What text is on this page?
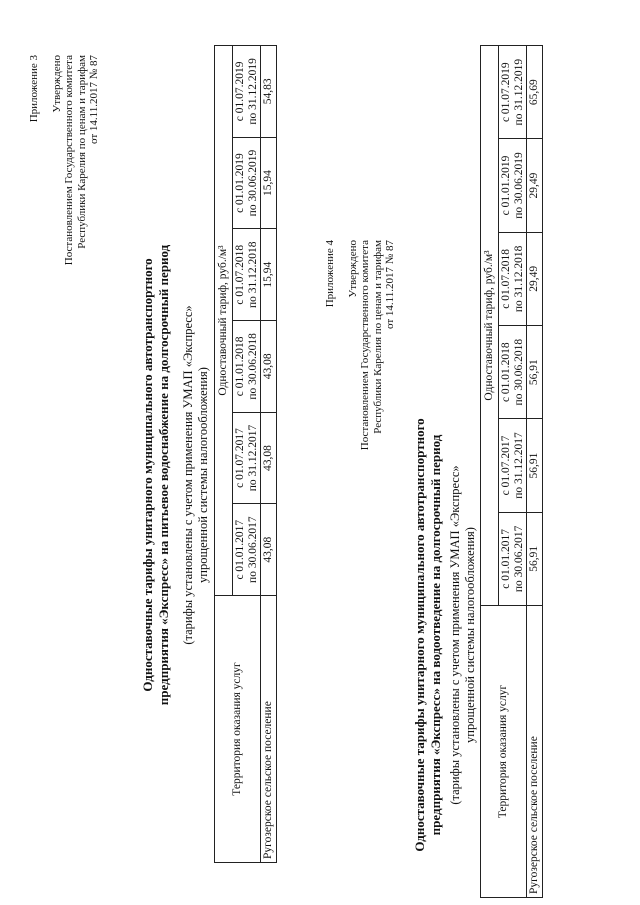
Приложение 3 Утверждено Постановлением Государственного комитета Республики Карелия по ценам и тарифам от 14.11.2017 № 87
Одноставочные тарифы унитарного муниципального автотранспортного предприятия «Экспресс» на питьевое водоснабжение на долгосрочный период (тарифы установлены с учетом применения УМАП «Экспресс» упрощенной системы налогообложения)
Территория оказания услуг	Одноставочный тариф, руб./м³					

	с 01.01.2017 по 30.06.2017	с 01.07.2017 по 31.12.2017	с 01.01.2018 по 30.06.2018	с 01.07.2018 по 31.12.2018	с 01.01.2019 по 30.06.2019	с 01.07.2019 по 31.12.2019

Ругозерское сельское поселение	43,08	43,08	43,08	15,94	15,94	54,83
Приложение 4 Утверждено Постановлением Государственного комитета Республики Карелия по ценам и тарифам от 14.11.2017 № 87
Одноставочные тарифы унитарного муниципального автотранспортного предприятия «Экспресс» на водоотведение на долгосрочный период (тарифы установлены с учетом применения УМАП «Экспресс» упрощенной системы налогообложения)
Территория оказания услуг	Одноставочный тариф, руб./м³					

	с 01.01.2017 по 30.06.2017	с 01.07.2017 по 31.12.2017	с 01.01.2018 по 30.06.2018	с 01.07.2018 по 31.12.2018	с 01.01.2019 по 30.06.2019	с 01.07.2019 по 31.12.2019

Ругозерское сельское поселение	56,91	56,91	56,91	29,49	29,49	65,69
